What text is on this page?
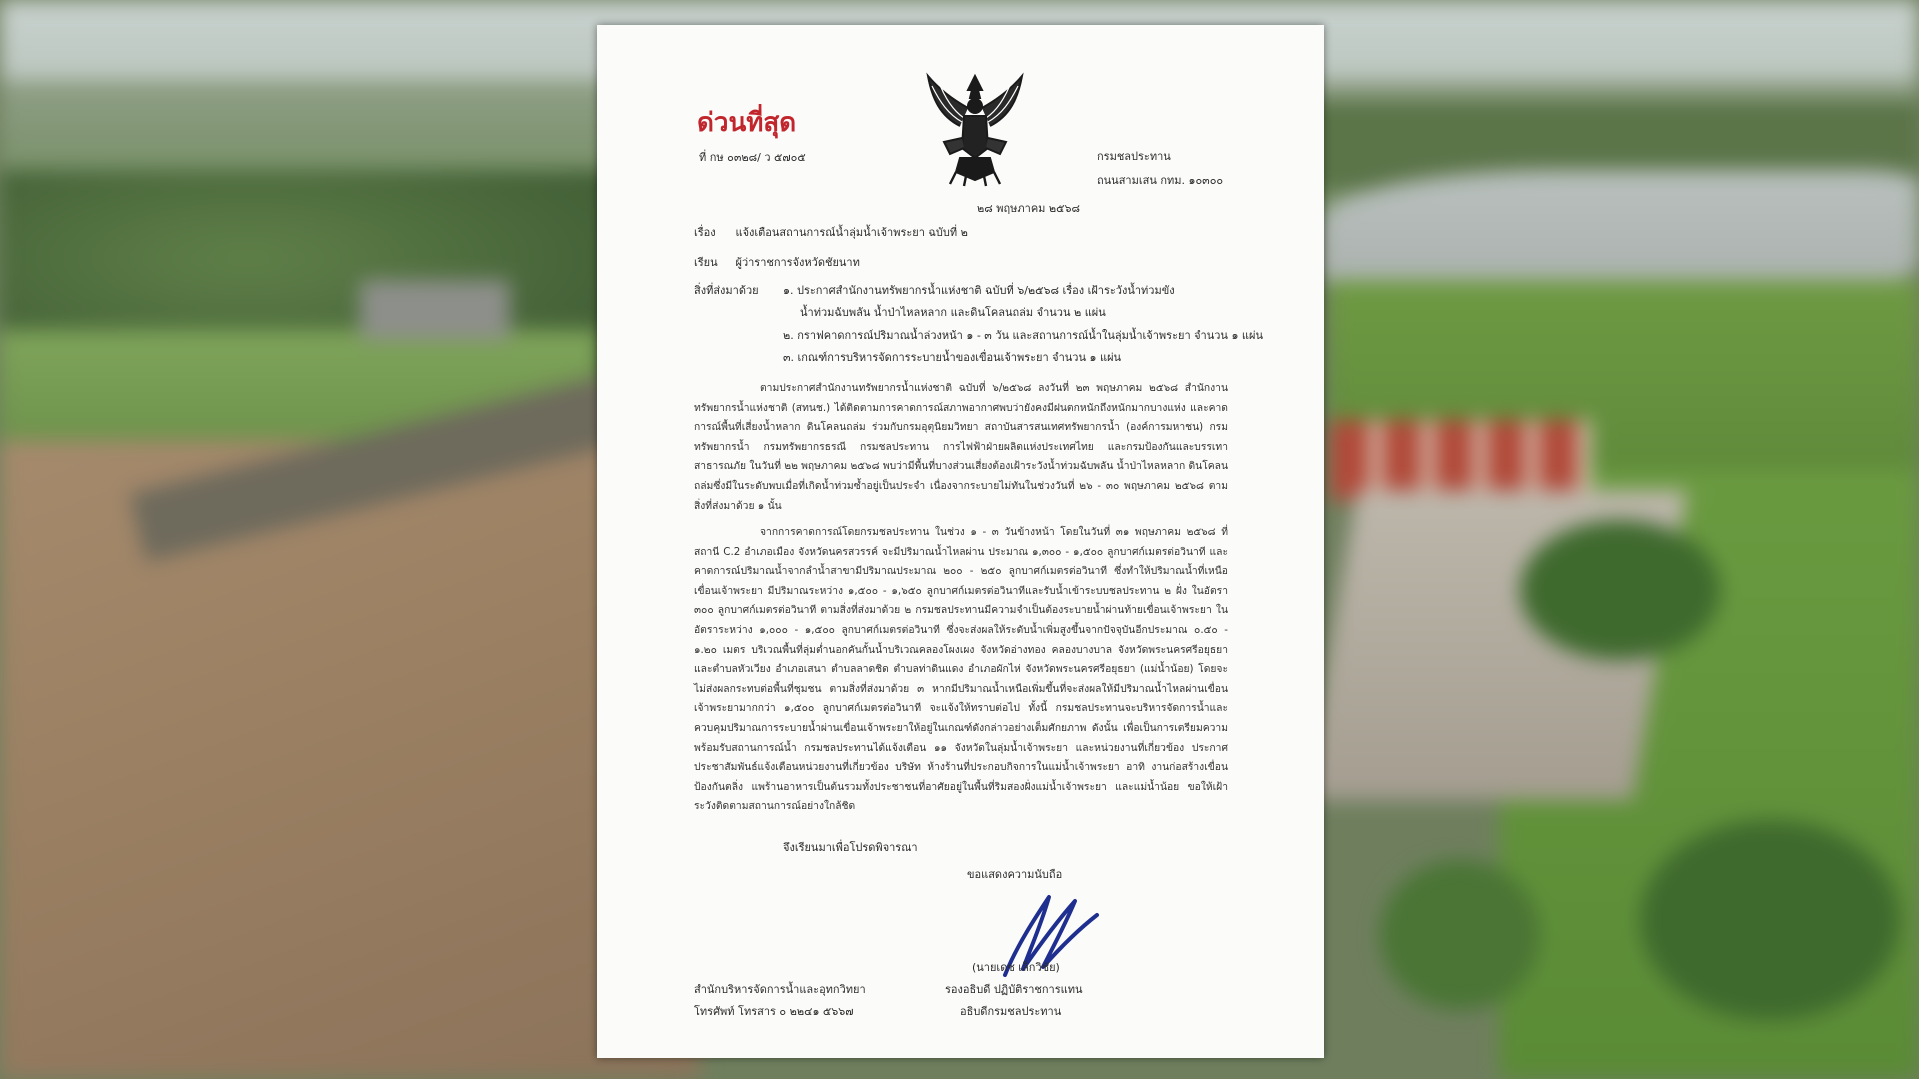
ด่วนที่สุด
ที่ กษ ๐๓๒๘/ ว ๕๗๐๕	กรมชลประทาน
ถนนสามเสน กทม. ๑๐๓๐๐
๒๘ พฤษภาคม ๒๕๖๘
เรื่อง แจ้งเตือนสถานการณ์น้ำลุ่มน้ำเจ้าพระยา ฉบับที่ ๒
เรียน ผู้ว่าราชการจังหวัดชัยนาท
สิ่งที่ส่งมาด้วย ๑. ประกาศสำนักงานทรัพยากรน้ำแห่งชาติ ฉบับที่ ๖/๒๕๖๘ เรื่อง เฝ้าระวังน้ำท่วมขัง
น้ำท่วมฉับพลัน น้ำป่าไหลหลาก และดินโคลนถล่ม จำนวน ๒ แผ่น
๒. กราฟคาดการณ์ปริมาณน้ำล่วงหน้า ๑ - ๓ วัน และสถานการณ์น้ำในลุ่มน้ำเจ้าพระยา จำนวน ๑ แผ่น
๓. เกณฑ์การบริหารจัดการระบายน้ำของเขื่อนเจ้าพระยา จำนวน ๑ แผ่น

ตามประกาศสำนักงานทรัพยากรน้ำแห่งชาติ ฉบับที่ ๖/๒๕๖๘ ลงวันที่ ๒๓ พฤษภาคม ๒๕๖๘ สำนักงานทรัพยากรน้ำแห่งชาติ (สทนช.) ได้ติดตามการคาดการณ์สภาพอากาศพบว่ายังคงมีฝนตกหนักถึงหนักมากบางแห่ง และคาดการณ์พื้นที่เสี่ยงน้ำหลาก ดินโคลนถล่ม ร่วมกับกรมอุตุนิยมวิทยา สถาบันสารสนเทศทรัพยากรน้ำ (องค์การมหาชน) กรมทรัพยากรน้ำ กรมทรัพยากรธรณี กรมชลประทาน การไฟฟ้าฝ่ายผลิตแห่งประเทศไทย และกรมป้องกันและบรรเทาสาธารณภัย ในวันที่ ๒๒ พฤษภาคม ๒๕๖๘ พบว่ามีพื้นที่บางส่วนเสี่ยงต้องเฝ้าระวังน้ำท่วมฉับพลัน น้ำป่าไหลหลาก ดินโคลนถล่มซึ่งมีในระดับพบเมื่อที่เกิดน้ำท่วมซ้ำอยู่เป็นประจำ เนื่องจากระบายไม่ทันในช่วงวันที่ ๒๖ - ๓๐ พฤษภาคม ๒๕๖๘ ตามสิ่งที่ส่งมาด้วย ๑ นั้น

จากการคาดการณ์โดยกรมชลประทาน ในช่วง ๑ - ๓ วันข้างหน้า โดยในวันที่ ๓๑ พฤษภาคม ๒๕๖๘ ที่สถานี C.2 อำเภอเมือง จังหวัดนครสวรรค์ จะมีปริมาณน้ำไหลผ่าน ประมาณ ๑,๓๐๐ - ๑,๕๐๐ ลูกบาศก์เมตรต่อวินาที และคาดการณ์ปริมาณน้ำจากลำน้ำสาขามีปริมาณประมาณ ๒๐๐ - ๒๕๐ ลูกบาศก์เมตรต่อวินาที ซึ่งทำให้ปริมาณน้ำที่เหนือเขื่อนเจ้าพระยา มีปริมาณระหว่าง ๑,๕๐๐ - ๑,๖๕๐ ลูกบาศก์เมตรต่อวินาทีและรับน้ำเข้าระบบชลประทาน ๒ ฝั่ง ในอัตรา ๓๐๐ ลูกบาศก์เมตรต่อวินาที ตามสิ่งที่ส่งมาด้วย ๒ กรมชลประทานมีความจำเป็นต้องระบายน้ำผ่านท้ายเขื่อนเจ้าพระยา ในอัตราระหว่าง ๑,๐๐๐ - ๑,๕๐๐ ลูกบาศก์เมตรต่อวินาที ซึ่งจะส่งผลให้ระดับน้ำเพิ่มสูงขึ้นจากปัจจุบันอีกประมาณ ๐.๕๐ - ๑.๒๐ เมตร บริเวณพื้นที่ลุ่มต่ำนอกคันกั้นน้ำบริเวณคลองโผงเผง จังหวัดอ่างทอง คลองบางบาล จังหวัดพระนครศรีอยุธยา และตำบลหัวเวียง อำเภอเสนา ตำบลลาดชิด ตำบลท่าดินแดง อำเภอผักไห่ จังหวัดพระนครศรีอยุธยา (แม่น้ำน้อย) โดยจะไม่ส่งผลกระทบต่อพื้นที่ชุมชน ตามสิ่งที่ส่งมาด้วย ๓ หากมีปริมาณน้ำเหนือเพิ่มขึ้นที่จะส่งผลให้มีปริมาณน้ำไหลผ่านเขื่อนเจ้าพระยามากกว่า ๑,๕๐๐ ลูกบาศก์เมตรต่อวินาที จะแจ้งให้ทราบต่อไป ทั้งนี้ กรมชลประทานจะบริหารจัดการน้ำและควบคุมปริมาณการระบายน้ำผ่านเขื่อนเจ้าพระยาให้อยู่ในเกณฑ์ดังกล่าวอย่างเต็มศักยภาพ ดังนั้น เพื่อเป็นการเตรียมความพร้อมรับสถานการณ์น้ำ กรมชลประทานได้แจ้งเตือน ๑๑ จังหวัดในลุ่มน้ำเจ้าพระยา และหน่วยงานที่เกี่ยวข้อง ประกาศประชาสัมพันธ์แจ้งเตือนหน่วยงานที่เกี่ยวข้อง บริษัท ห้างร้านที่ประกอบกิจการในแม่น้ำเจ้าพระยา อาทิ งานก่อสร้างเขื่อนป้องกันตลิ่ง แพร้านอาหารเป็นต้นรวมทั้งประชาชนที่อาศัยอยู่ในพื้นที่ริมสองฝั่งแม่น้ำเจ้าพระยา และแม่น้ำน้อย ขอให้เฝ้าระวังติดตามสถานการณ์อย่างใกล้ชิด

จึงเรียนมาเพื่อโปรดพิจารณา
ขอแสดงความนับถือ
(นายเดช เล็กวิชัย)
รองอธิบดี ปฏิบัติราชการแทน
อธิบดีกรมชลประทาน
สำนักบริหารจัดการน้ำและอุทกวิทยา
โทรศัพท์ โทรสาร ๐ ๒๒๔๑ ๕๖๖๗
